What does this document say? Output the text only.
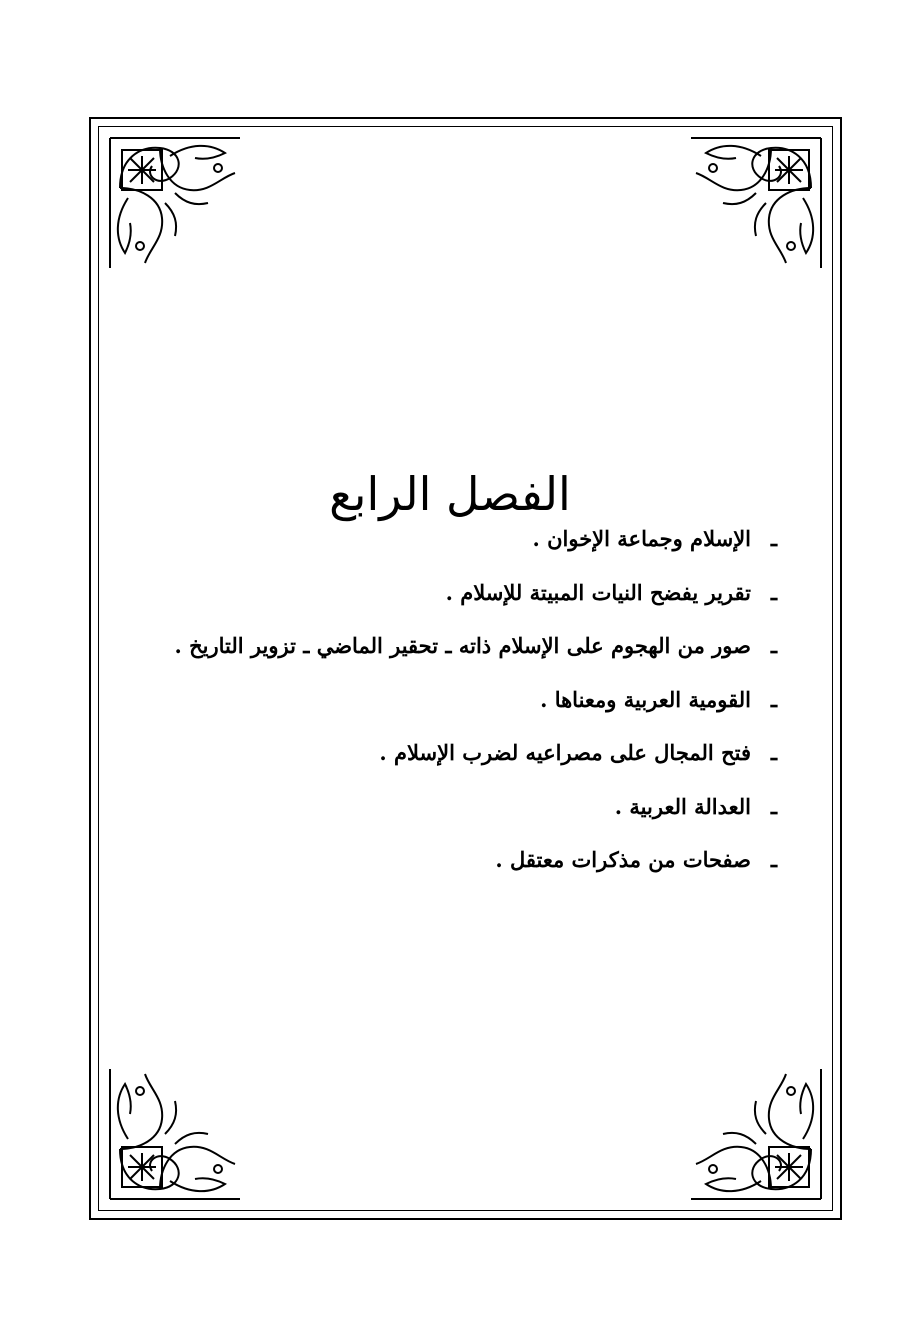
الفصل الرابع
ـالإسلام وجماعة الإخوان .
ـتقرير يفضح النيات المبيتة للإسلام .
ـصور من الهجوم على الإسلام ذاته ـ تحقير الماضي ـ تزوير التاريخ .
ـالقومية العربية ومعناها .
ـفتح المجال على مصراعيه لضرب الإسلام .
ـالعدالة العربية .
ـصفحات من مذكرات معتقل .
